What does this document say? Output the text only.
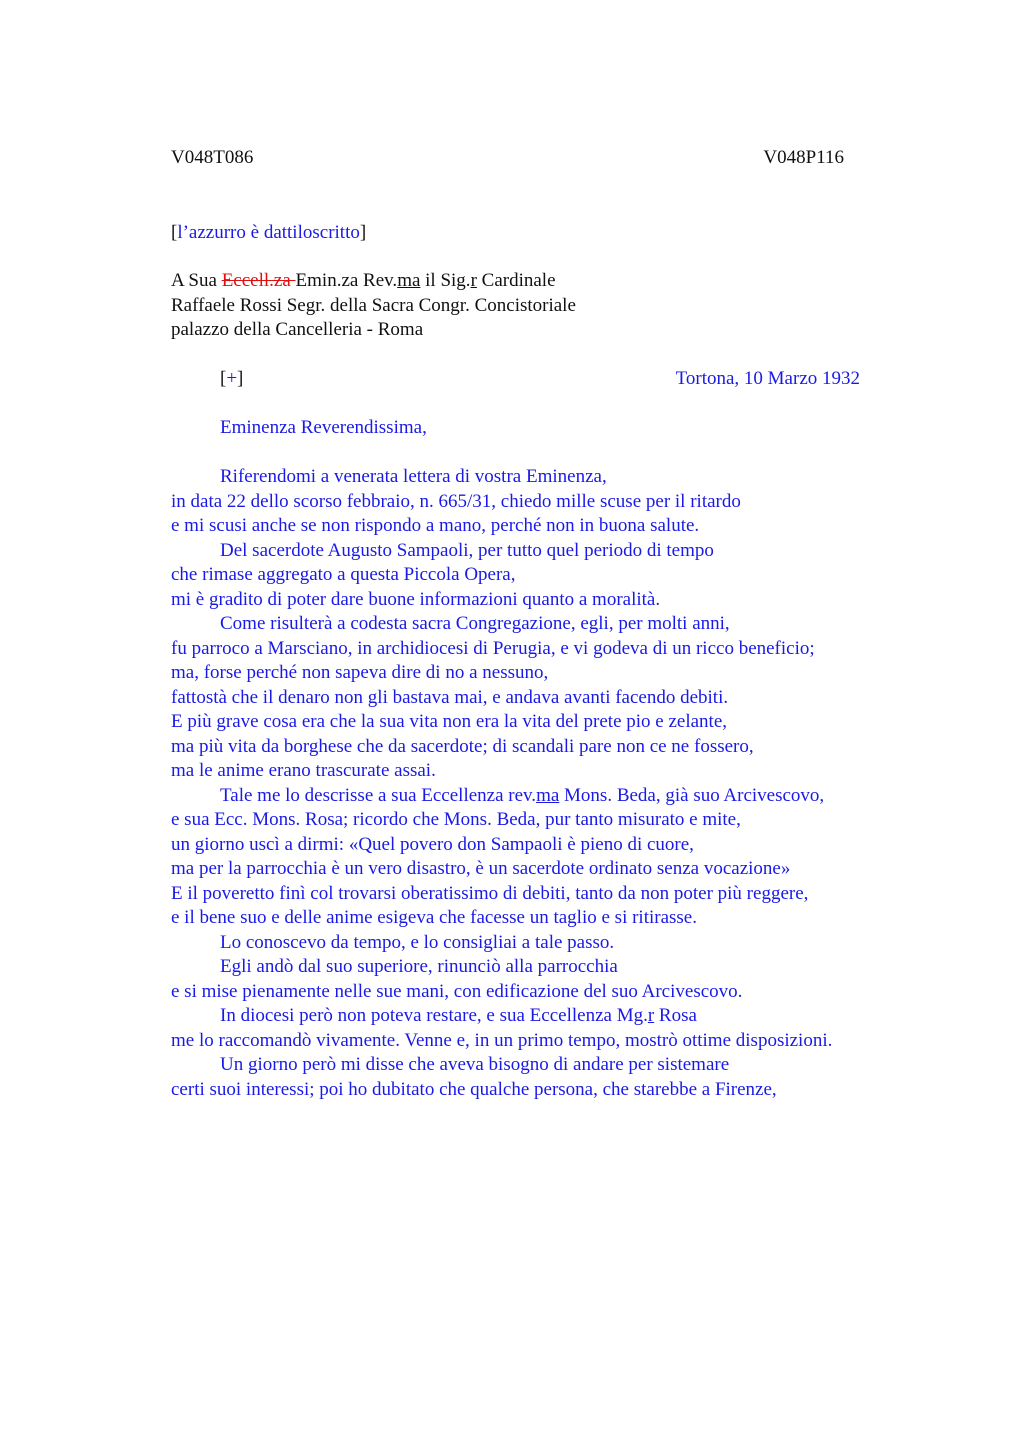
V048T086	V048P116
[l’azzurro è dattiloscritto]
A Sua Eccell.za Emin.za Rev.ma il Sig.r Cardinale
Raffaele Rossi Segr. della Sacra Congr. Concistoriale
palazzo della Cancelleria - Roma
[+]	Tortona, 10 Marzo 1932
Eminenza Reverendissima,
Riferendomi a venerata lettera di vostra Eminenza,
in data 22 dello scorso febbraio, n. 665/31, chiedo mille scuse per il ritardo
e mi scusi anche se non rispondo a mano, perché non in buona salute.
Del sacerdote Augusto Sampaoli, per tutto quel periodo di tempo
che rimase aggregato a questa Piccola Opera,
mi è gradito di poter dare buone informazioni quanto a moralità.
Come risulterà a codesta sacra Congregazione, egli, per molti anni,
fu parroco a Marsciano, in archidiocesi di Perugia, e vi godeva di un ricco beneficio;
ma, forse perché non sapeva dire di no a nessuno,
fattostà che il denaro non gli bastava mai, e andava avanti facendo debiti.
E più grave cosa era che la sua vita non era la vita del prete pio e zelante,
ma più vita da borghese che da sacerdote; di scandali pare non ce ne fossero,
ma le anime erano trascurate assai.
Tale me lo descrisse a sua Eccellenza rev.ma Mons. Beda, già suo Arcivescovo,
e sua Ecc. Mons. Rosa; ricordo che Mons. Beda, pur tanto misurato e mite,
un giorno uscì a dirmi: «Quel povero don Sampaoli è pieno di cuore,
ma per la parrocchia è un vero disastro, è un sacerdote ordinato senza vocazione»
E il poveretto finì col trovarsi oberatissimo di debiti, tanto da non poter più reggere,
e il bene suo e delle anime esigeva che facesse un taglio e si ritirasse.
Lo conoscevo da tempo, e lo consigliai a tale passo.
Egli andò dal suo superiore, rinunciò alla parrocchia
e si mise pienamente nelle sue mani, con edificazione del suo Arcivescovo.
In diocesi però non poteva restare, e sua Eccellenza Mg.r Rosa
me lo raccomandò vivamente. Venne e, in un primo tempo, mostrò ottime disposizioni.
Un giorno però mi disse che aveva bisogno di andare per sistemare
certi suoi interessi; poi ho dubitato che qualche persona, che starebbe a Firenze,
